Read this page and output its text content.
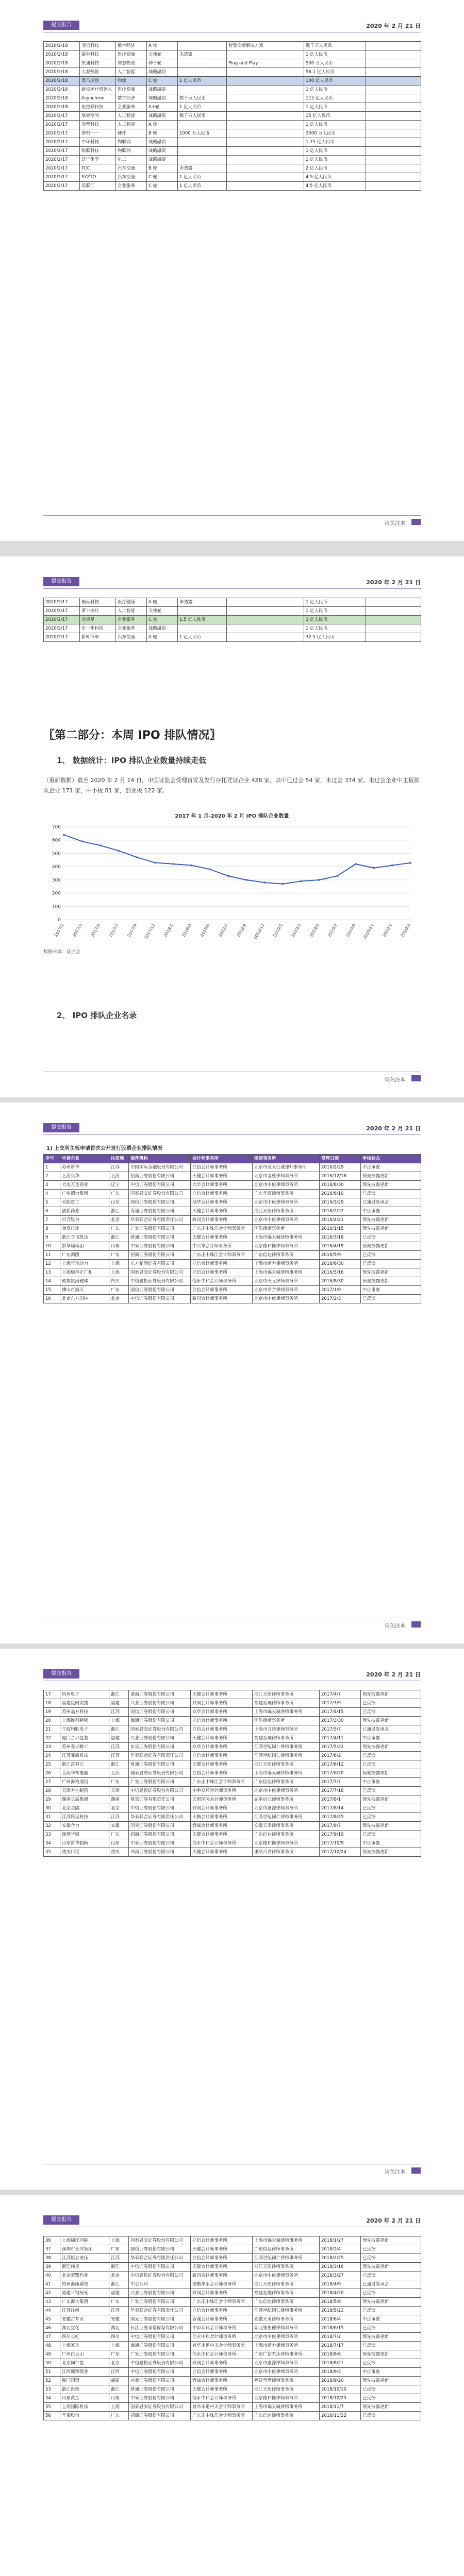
提交报告	2020 年 2 月 21 日
2020/2/18	亚信科技	数字经济	A 轮		智慧交通解决方案	数千万人民币	
2020/2/18	豪神科技	医疗健康	天使轮	未透露		1 亿人民币	
2020/2/18	凯迪科技	智慧物流	种子轮		Plug and Play	500 万人民币	
2020/2/18	大观数智	人工智能	战略融资			56.1 亿人民币	
2020/2/18	黑马速递	物流	C 轮	1 亿人民币		100 亿人民币	
2020/2/18	新松医疗机器人	医疗健康	战略融资			1 亿人民币	
2020/2/18	Asynchron	数字经济	战略融资	数千万人民币		115 亿人民币	
2020/2/18	医控联科技	企业服务	A+轮	1 亿人民币		1 亿人民币	
2020/2/17	掌握空间	人工智能	战略融资	数千万人民币		15 亿人民币	
2020/2/17	壹智科技	人工智能	A 轮			1 亿人民币	
2020/2/17	掌机一一	硬件	B 轮	1000 万人民币		3000 万人民币	
2020/2/17	中环科技	物联网	战略融资			1.75 亿人民币	
2020/2/17	锐联科技	物联网	战略融资			1 亿人民币	
2020/2/17	辽宁化学	化工	战略融资			1 亿人民币	
2020/2/17	TCC	汽车交通	B 轮	未透露		2 亿人民币	
2020/2/17	SYZTO	汽车交通	C 轮	1 亿人民币		4.5 亿人民币	
2020/2/17	讯联汇	企业服务	C 轮	1 亿人民币		4.5 亿人民币	
请关注本
提交报告	2020 年 2 月 21 日
2020/2/17	顺天科技	医疗健康	A 轮	未透露		1 亿人民币	
2020/2/17	萝卜医疗	人工智能	天使轮			1 亿人民币	
2020/2/17	北极星	企业服务	C 轮	1.5 亿人民币		3 亿人民币	
2020/2/17	步一步科技	企业服务	战略融资			1 亿人民币	
2020/2/17	新叶汽车	汽车交通	A 轮	1 亿人民币		32.5 亿人民币	
〖第二部分：本周 IPO 排队情况〗
1、 数据统计：IPO 排队企业数量持续走低
（重新数据）截至 2020 年 2 月 14 日，中国证监会受理首发及发行存托凭证企业 428 家，其中已过会 54 家，未过会 374 家。未过会企业中主板排队企业 171 家，中小板 81 家，创业板 122 家。
2017 年 1 月-2020 年 2 月 IPO 排队企业数量
0
100
200
300
400
500
600
700
2017/1 2017/3 2017/5 2017/7 2017/9 2017/11 2018/1 2018/3 2018/5 2018/7 2018/9 2018/11 2019/1 2019/3 2019/5 2019/7 2019/9 2019/11 2020/1 2020/2
数据来源：证监会
2、 IPO 排队企业名录
请关注本
提交报告	2020 年 2 月 21 日
1) 上交所主板申请首次公开发行股票企业排队情况
序号	申请企业	注册地	保荐机构	会计师事务所	律师事务所	受理日期	审核状态
1	苏州新华	江苏	中国国际金融股份有限公司	立信会计师事务所	北京市竞天公诚律师事务所	2016/2/29	中止审查
2	上海兴华	上海	招商证券股份有限公司	天健会计师事务所	北京市金杜律师事务所	2016/12/16	预先披露更新
3	大连万达商业	辽宁	中信证券股份有限公司	大华会计师事务所	北京市中伦律师事务所	2016/8/30	预先披露更新
4	广州德力集团	广东	国泰君安证券股份有限公司	立信会计师事务所	广东华商律师事务所	2016/6/10	已反馈
5	天能重工	山东	国信证券股份有限公司	瑞华会计师事务所	北京市中伦律师事务所	2016/3/29	已通过发审会
6	创新药业	浙江	海通证券股份有限公司	天健会计师事务所	浙江天册律师事务所	2016/2/22	中止审查
7	百合股份	北京	华泰联合证券有限责任公司	致同会计师事务所	北京市中伦律师事务所	2016/4/21	预先披露更新
8	金发拉比	广东	广发证券股份有限公司	广东正中珠江会计师事务所	国浩律师事务所	2016/1/15	预先披露更新
9	浙江今飞凯达	浙江	财通证券股份有限公司	天健会计师事务所	上海市锦天城律师事务所	2016/3/18	已反馈
10	新华锦集团	山东	中泰证券股份有限公司	中兴华会计师事务所	北京德和衡律师事务所	2016/4/19	预先披露更新
11	广东鸿图	广东	招商证券股份有限公司	广东正中珠江会计师事务所	广东信达律师事务所	2016/5/9	已反馈
12	上海华培动力	上海	东方花旗证券有限公司	立信会计师事务所	上海市通力律师事务所	2016/6/30	已反馈
13	上海梅林正广和	上海	国泰君安证券股份有限公司	立信会计师事务所	上海市锦天城律师事务所	2016/5/16	预先披露更新
14	成都银河磁体	四川	中信建投证券股份有限公司	信永中和会计师事务所	北京市天元律师事务所	2016/8/30	预先披露更新
15	佛山市海天	广东	国信证券股份有限公司	立信会计师事务所	北京市君合律师事务所	2017/1/9	中止审查
16	北京东方园林	北京	中信证券股份有限公司	致同会计师事务所	北京市中伦律师事务所	2017/2/3	已反馈
请关注本
提交报告	2020 年 2 月 21 日
17	杭州电子	浙江	浙商证券股份有限公司	天健会计师事务所	浙江天册律师事务所	2017/4/7	预先披露更新
18	福建星网锐捷	福建	兴业证券股份有限公司	致同会计师事务所	福建至理律师事务所	2017/3/9	已反馈
19	苏州晶方科技	江苏	国信证券股份有限公司	众华会计师事务所	上海市锦天城律师事务所	2017/4/15	已反馈
20	上海维科精密	上海	海通证券股份有限公司	立信会计师事务所	国浩律师事务所	2017/3/30	预先披露更新
21	宁波均胜电子	浙江	国泰君安证券股份有限公司	立信会计师事务所	上海市方达律师事务所	2017/5/7	已通过发审会
22	厦门合兴包装	福建	兴业证券股份有限公司	天健会计师事务所	福建至理律师事务所	2017/4/11	中止审查
23	苏州春兴精工	江苏	东吴证券股份有限公司	众华会计师事务所	江苏世纪同仁律师事务所	2017/5/22	预先披露更新
24	江苏亚威机床	江苏	华泰联合证券有限责任公司	立信会计师事务所	江苏世纪同仁律师事务所	2017/6/2	已反馈
25	浙江富春江	浙江	财通证券股份有限公司	天健会计师事务所	浙江天册律师事务所	2017/6/12	已反馈
26	上海华东电脑	上海	国泰君安证券股份有限公司	立信会计师事务所	上海市锦天城律师事务所	2017/6/20	预先披露更新
27	广州海格通信	广东	广发证券股份有限公司	广东正中珠江会计师事务所	广东信达律师事务所	2017/7/7	中止审查
28	天津力生制药	天津	中信建投证券股份有限公司	中审众环会计师事务所	北京市中伦律师事务所	2017/7/18	已反馈
29	湖南长高集团	湖南	财富证券有限责任公司	天职国际会计师事务所	湖南启元律师事务所	2017/8/1	预先披露更新
30	北京金隅	北京	中信证券股份有限公司	致同会计师事务所	北京市嘉源律师事务所	2017/8/14	已反馈
31	江苏雅克科技	江苏	华泰联合证券有限责任公司	天衡会计师事务所	江苏世纪同仁律师事务所	2017/8/25	已反馈
32	安徽合力	安徽	国元证券股份有限公司	容诚会计师事务所	安徽天禾律师事务所	2017/9/7	预先披露更新
33	深圳华强	广东	招商证券股份有限公司	天健会计师事务所	广东信达律师事务所	2017/9/19	已反馈
34	山东新华制药	山东	中泰证券股份有限公司	信永中和会计师事务所	北京德和衡律师事务所	2017/10/9	中止审查
35	重庆川仪	重庆	西南证券股份有限公司	天健会计师事务所	重庆百君律师事务所	2017/10/24	预先披露更新
请关注本
提交报告	2020 年 2 月 21 日
36	上海锦江国际	上海	国泰君安证券股份有限公司	立信会计师事务所	上海市锦天城律师事务所	2018/1/27	预先披露更新
37	深圳市长方集团	广东	国信证券股份有限公司	天健会计师事务所	广东信达律师事务所	2018/2/4	已反馈
38	江苏恒立液压	江苏	华泰联合证券有限责任公司	立信会计师事务所	江苏世纪同仁律师事务所	2018/2/25	已反馈
39	浙江伟星	浙江	中信证券股份有限公司	天健会计师事务所	浙江天册律师事务所	2018/3/16	预先披露更新
40	北京双鹭药业	北京	中信建投证券股份有限公司	致同会计师事务所	北京市中伦律师事务所	2018/3/27	已反馈
41	杭州海康威视	浙江	中金公司	德勤华永会计师事务所	浙江天册律师事务所	2018/4/9	已通过发审会
42	福建三钢闽光	福建	兴业证券股份有限公司	致同会计师事务所	福建至理律师事务所	2018/4/20	已反馈
43	广东海大集团	广东	广发证券股份有限公司	广东正中珠江会计师事务所	广东信达律师事务所	2018/5/8	预先披露更新
44	江苏洋河	江苏	华泰联合证券有限责任公司	立信会计师事务所	江苏世纪同仁律师事务所	2018/5/23	已反馈
45	安徽古井贡	安徽	国元证券股份有限公司	容诚会计师事务所	安徽天禾律师事务所	2018/6/4	中止审查
46	湖北宜化	湖北	长江证券承销保荐有限公司	中审众环会计师事务所	湖北维思德律师事务所	2018/6/15	已反馈
47	四川长虹	四川	中信证券股份有限公司	信永中和会计师事务所	北京市中伦律师事务所	2018/7/2	预先披露更新
48	上海家化	上海	海通证券股份有限公司	普华永道中天会计师事务所	上海市通力律师事务所	2018/7/17	已反馈
49	广州白云山	广东	广发证券股份有限公司	信永中和会计师事务所	广东广信君达律师事务所	2018/8/6	预先披露更新
50	北京同仁堂	北京	中信建投证券股份有限公司	致同会计师事务所	北京市嘉源律师事务所	2018/8/21	已反馈
51	江西赣锋锂业	江西	中信证券股份有限公司	立信会计师事务所	北京市中伦律师事务所	2018/9/3	中止审查
52	厦门国贸	福建	兴业证券股份有限公司	容诚会计师事务所	福建至理律师事务所	2018/9/20	预先披露更新
53	浙江医药	浙江	财通证券股份有限公司	天健会计师事务所	浙江天册律师事务所	2018/10/10	已反馈
54	山东黄金	山东	中泰证券股份有限公司	信永中和会计师事务所	北京德和衡律师事务所	2018/10/25	已反馈
55	上海国际机场	上海	国泰君安证券股份有限公司	普华永道中天会计师事务所	上海市锦天城律师事务所	2018/11/7	预先披露更新
56	华帝股份	广东	招商证券股份有限公司	广东正中珠江会计师事务所	广东信达律师事务所	2018/11/22	已反馈
